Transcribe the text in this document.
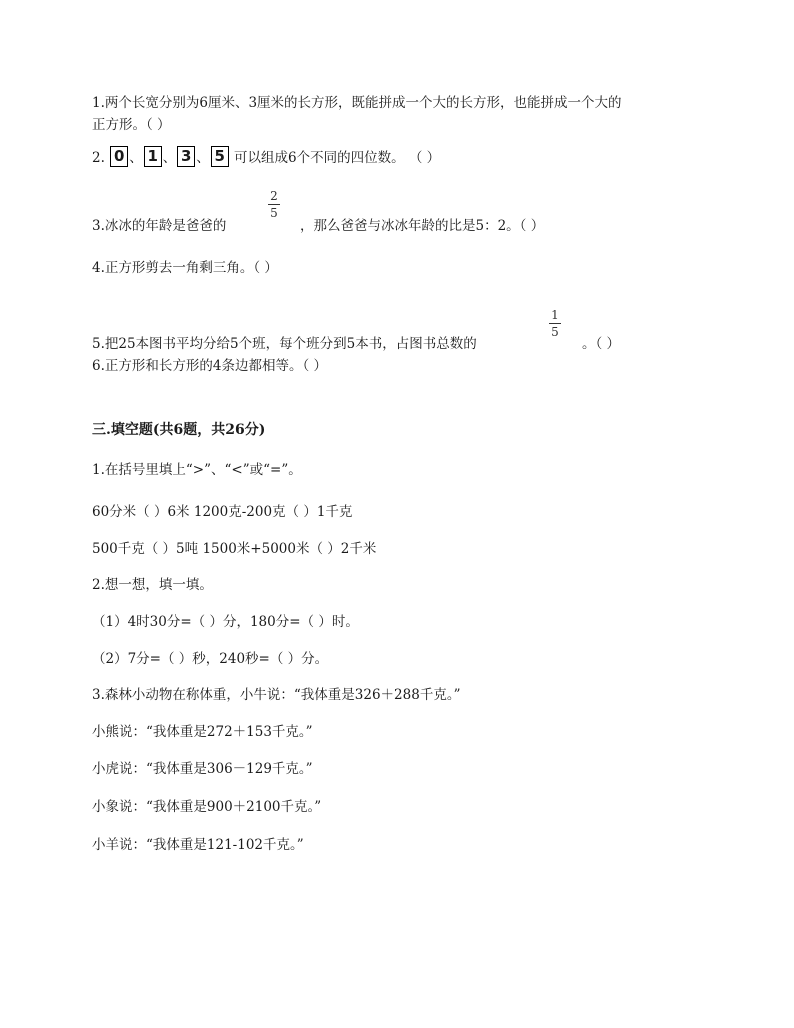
1.两个长宽分别为6厘米、3厘米的长方形，既能拼成一个大的长方形，也能拼成一个大的
正方形。（ ）
2. 0 、 1 、 3 、 5 可以组成6个不同的四位数。 （ ）
3.冰冰的年龄是爸爸的
2
5
，那么爸爸与冰冰年龄的比是5：2。（ ）
4.正方形剪去一角剩三角。（ ）
5.把25本图书平均分给5个班，每个班分到5本书，占图书总数的
1
5
。（ ）
6.正方形和长方形的4条边都相等。（ ）
三.填空题(共6题，共26分)
1.在括号里填上“>”、“<”或“=”。
60分米（ ）6米 1200克-200克（ ）1千克
500千克（ ）5吨 1500米+5000米（ ）2千米
2.想一想，填一填。
（1）4时30分=（ ）分，180分=（ ）时。
（2）7分=（ ）秒，240秒=（ ）分。
3.森林小动物在称体重，小牛说：“我体重是326＋288千克。”
小熊说：“我体重是272＋153千克。”
小虎说：“我体重是306－129千克。”
小象说：“我体重是900＋2100千克。”
小羊说：“我体重是121-102千克。”
